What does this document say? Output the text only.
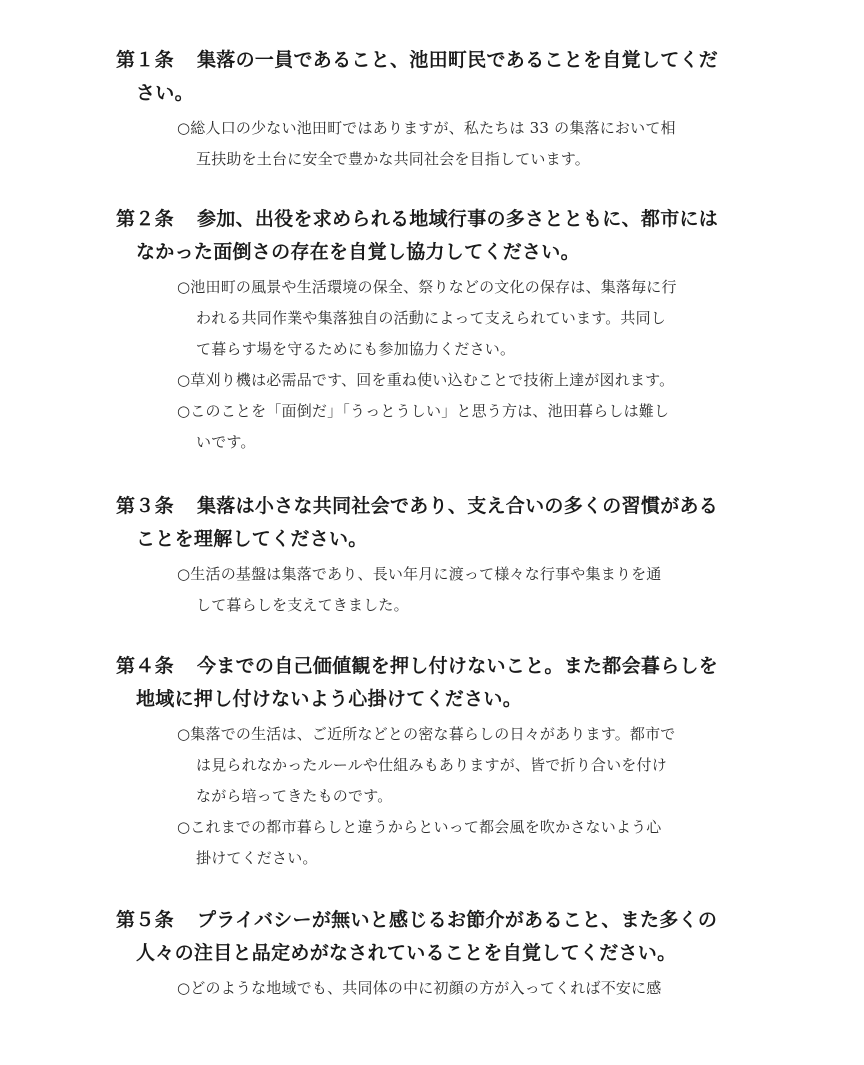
第１条 集落の一員であること、池田町民であることを自覚してくだ
さい。
○総人口の少ない池田町ではありますが、私たちは 33 の集落において相
互扶助を土台に安全で豊かな共同社会を目指しています。
第２条 参加、出役を求められる地域行事の多さとともに、都市には
なかった面倒さの存在を自覚し協力してください。
○池田町の風景や生活環境の保全、祭りなどの文化の保存は、集落毎に行
われる共同作業や集落独自の活動によって支えられています。共同し
て暮らす場を守るためにも参加協力ください。
○草刈り機は必需品です、回を重ね使い込むことで技術上達が図れます。
○このことを「面倒だ」「うっとうしい」と思う方は、池田暮らしは難し
いです。
第３条 集落は小さな共同社会であり、支え合いの多くの習慣がある
ことを理解してください。
○生活の基盤は集落であり、長い年月に渡って様々な行事や集まりを通
して暮らしを支えてきました。
第４条 今までの自己価値観を押し付けないこと。また都会暮らしを
地域に押し付けないよう心掛けてください。
○集落での生活は、ご近所などとの密な暮らしの日々があります。都市で
は見られなかったルールや仕組みもありますが、皆で折り合いを付け
ながら培ってきたものです。
○これまでの都市暮らしと違うからといって都会風を吹かさないよう心
掛けてください。
第５条 プライバシーが無いと感じるお節介があること、また多くの
人々の注目と品定めがなされていることを自覚してください。
○どのような地域でも、共同体の中に初顔の方が入ってくれば不安に感
